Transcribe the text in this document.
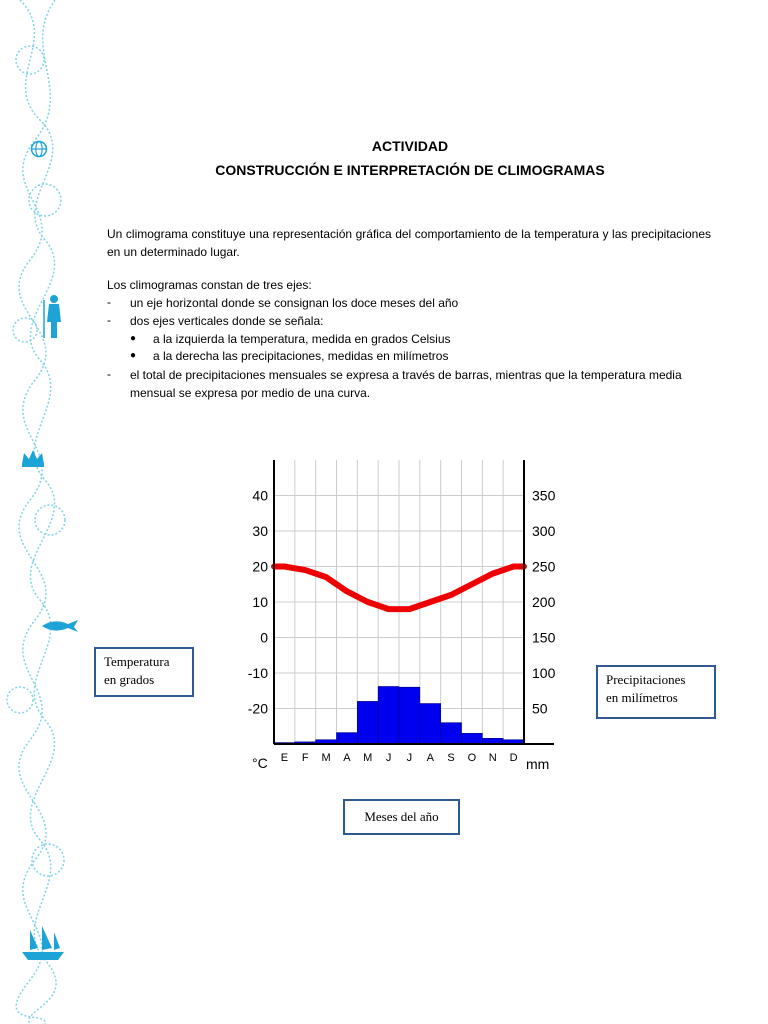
ACTIVIDAD
CONSTRUCCIÓN E INTERPRETACIÓN DE CLIMOGRAMAS
Un climograma constituye una representación gráfica del comportamiento de la temperatura y las precipitaciones en un determinado lugar.
Los climogramas constan de tres ejes:
- un eje horizontal donde se consignan los doce meses del año
- dos ejes verticales donde se señala:
● a la izquierda la temperatura, medida en grados Celsius
● a la derecha las precipitaciones, medidas en milímetros
- el total de precipitaciones mensuales se expresa a través de barras, mientras que la temperatura media
mensual se expresa por medio de una curva.
40
30
20
10
0
-10
-20
350
300
250
200
150
100
50
E F M A M J J A S O N D
°C	mm
Temperatura
en grados	Precipitaciones
en milímetros
Meses del año
